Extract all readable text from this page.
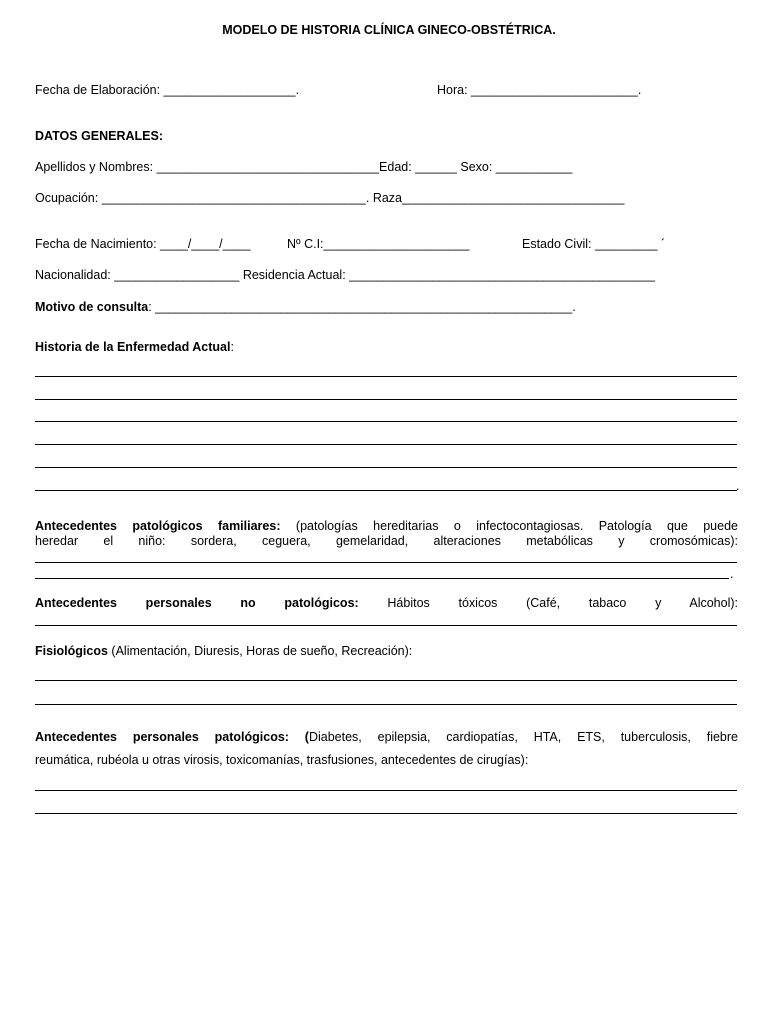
MODELO DE HISTORIA CLÍNICA GINECO-OBSTÉTRICA.
Fecha de Elaboración: ___________________.	Hora: ________________________.
DATOS GENERALES:
Apellidos y Nombres: ________________________________Edad: ______ Sexo: ___________
Ocupación: ______________________________________. Raza________________________________
Fecha de Nacimiento: ____/____/____	Nº C.I:_____________________	Estado Civil: _________ ´
Nacionalidad: __________________ Residencia Actual: ____________________________________________
Motivo de consulta: ____________________________________________________________.
Historia de la Enfermedad Actual:
.
Antecedentes patológicos familiares: (patologías hereditarias o infectocontagiosas. Patología que puede
heredar el niño: sordera, ceguera, gemelaridad, alteraciones metabólicas y cromosómicas):
.
Antecedentes personales no patológicos: Hábitos tóxicos (Café, tabaco y Alcohol):
Fisiológicos (Alimentación, Diuresis, Horas de sueño, Recreación):
Antecedentes personales patológicos: (Diabetes, epilepsia, cardiopatías, HTA, ETS, tuberculosis, fiebre
reumática, rubéola u otras virosis, toxicomanías, trasfusiones, antecedentes de cirugías):
